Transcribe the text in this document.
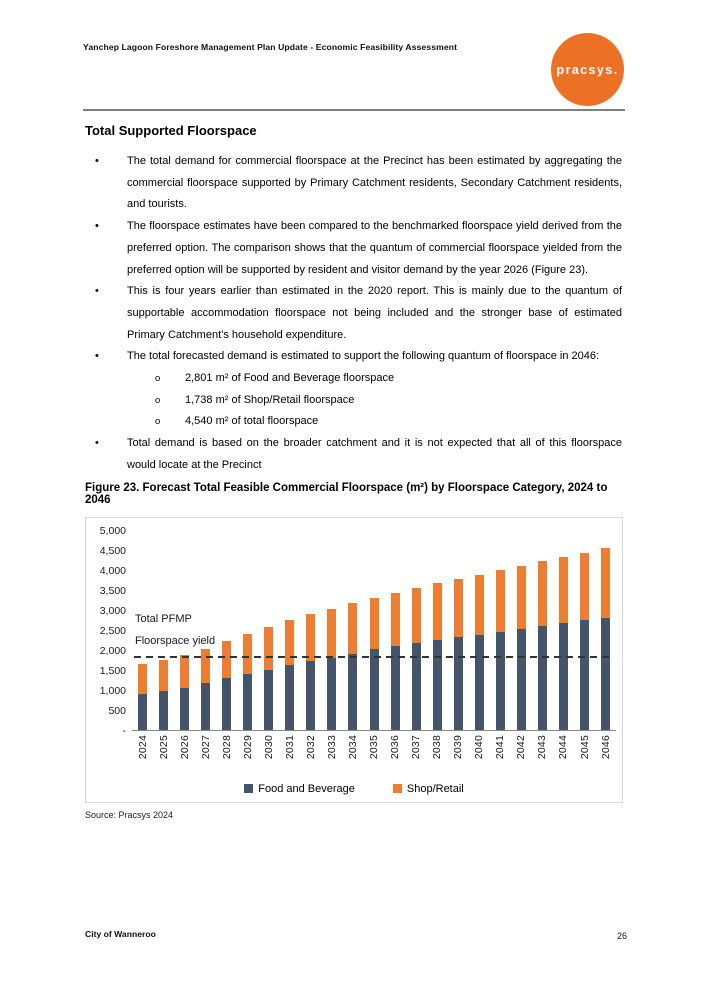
Yanchep Lagoon Foreshore Management Plan Update - Economic Feasibility Assessment
pracsys.
Total Supported Floorspace
•	The total demand for commercial floorspace at the Precinct has been estimated by aggregating the commercial floorspace supported by Primary Catchment residents, Secondary Catchment residents, and tourists.
•	The floorspace estimates have been compared to the benchmarked floorspace yield derived from the preferred option. The comparison shows that the quantum of commercial floorspace yielded from the preferred option will be supported by resident and visitor demand by the year 2026 (Figure 23).
•	This is four years earlier than estimated in the 2020 report. This is mainly due to the quantum of supportable accommodation floorspace not being included and the stronger base of estimated Primary Catchment’s household expenditure.
•	The total forecasted demand is estimated to support the following quantum of floorspace in 2046:
o	2,801 m² of Food and Beverage floorspace
o	1,738 m² of Shop/Retail floorspace
o	4,540 m² of total floorspace
•	Total demand is based on the broader catchment and it is not expected that all of this floorspace would locate at the Precinct
Figure 23. Forecast Total Feasible Commercial Floorspace (m²) by Floorspace Category, 2024 to 2046
-
500
1,000
1,500
2,000
2,500
3,000
3,500
4,000
4,500
5,000
Total PFMP
Floorspace yield
2024 2025 2026 2027 2028 2029 2030 2031 2032 2033 2034 2035 2036 2037 2038 2039 2040 2041 2042 2043 2044 2045 2046
Food and Beverage	Shop/Retail
Source: Pracsys 2024
City of Wanneroo	26
